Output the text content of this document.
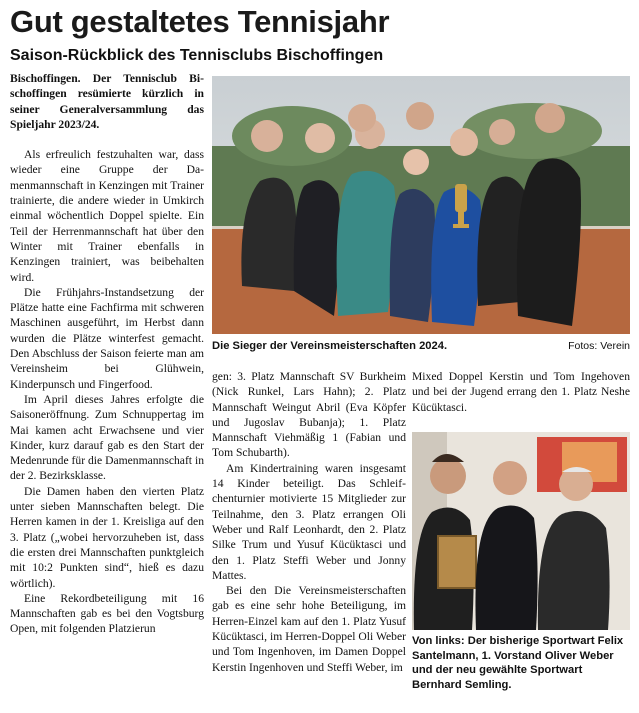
Gut gestaltetes Tennisjahr
Saison-Rückblick des Tennisclubs Bischoffingen

Bischoffingen. Der Tennisclub Bischoffingen resümierte kürzlich in seiner Generalversammlung das Spieljahr 2023/24.

Als erfreulich festzuhalten war, dass wieder eine Gruppe der Damenmannschaft in Kenzingen mit Trainer trainierte, die andere wieder in Umkirch einmal wöchentlich Doppel spielte. Ein Teil der Herrenmannschaft hat über den Winter mit Trainer ebenfalls in Kenzingen trainiert, was beibehalten wird.

Die Frühjahrs-Instandsetzung der Plätze hatte eine Fachfirma mit schweren Maschinen ausgeführt, im Herbst dann wurden die Plätze winterfest gemacht. Den Abschluss der Saison feierte man am Vereinsheim bei Glühwein, Kinderpunsch und Fingerfood.

Im April dieses Jahres erfolgte die Saisoneröffnung. Zum Schnuppertag im Mai kamen acht Erwachsene und vier Kinder, kurz darauf gab es den Start der Medenrunde für die Damenmannschaft in der 2. Bezirksklasse.

Die Damen haben den vierten Platz unter sieben Mannschaften belegt. Die Herren kamen in der 1. Kreisliga auf den 3. Platz („wobei hervorzuheben ist, dass die ersten drei Mannschaften punktgleich mit 10:2 Punkten sind“, hieß es dazu wörtlich).

Eine Rekordbeteiligung mit 16 Mannschaften gab es bei den Vogtsburg Open, mit folgenden Platzierun

Die Sieger der Vereinsmeisterschaften 2024.	Fotos: Verein

gen: 3. Platz Mannschaft SV Burkheim (Nick Runkel, Lars Hahn); 2. Platz Mannschaft Weingut Abril (Eva Köpfer und Jugoslav Bubanja); 1. Platz Mannschaft Viehmäßig 1 (Fabian und Tom Schubarth).

Am Kindertraining waren insgesamt 14 Kinder beteiligt. Das Schleifchenturnier motivierte 15 Mitglieder zur Teilnahme, den 3. Platz errangen Oli Weber und Ralf Leonhardt, den 2. Platz Silke Trum und Yusuf Kücüktasci und den 1. Platz Steffi Weber und Jonny Mattes.

Bei den Die Vereinsmeisterschaften gab es eine sehr hohe Beteiligung, im Herren-Einzel kam auf den 1. Platz Yusuf Kücüktasci, im Herren-Doppel Oli Weber und Tom Ingenhoven, im Damen Doppel Kerstin Ingenhoven und Steffi Weber, im

Mixed Doppel Kerstin und Tom Ingehoven und bei der Jugend errang den 1. Platz Neshe Kücüktasci.

Von links: Der bisherige Sportwart Felix Santelmann, 1. Vorstand Oliver Weber und der neu gewählte Sportwart Bernhard Semling.
